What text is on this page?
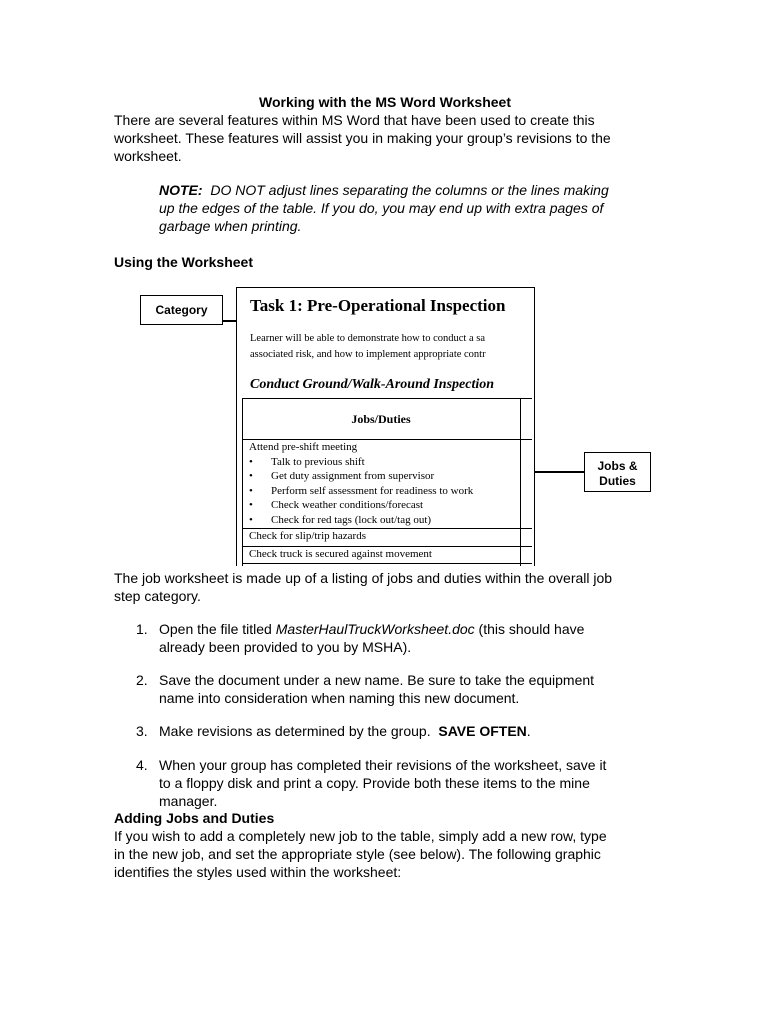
Working with the MS Word Worksheet
There are several features within MS Word that have been used to create this
worksheet. These features will assist you in making your group’s revisions to the
worksheet.
NOTE:  DO NOT adjust lines separating the columns or the lines making
up the edges of the table. If you do, you may end up with extra pages of
garbage when printing.
Using the Worksheet
Category
Jobs &
Duties
Task 1: Pre-Operational Inspection
Learner will be able to demonstrate how to conduct a sa
associated risk, and how to implement appropriate contr
Conduct Ground/Walk-Around Inspection
Jobs/Duties
Attend pre-shift meeting
• Talk to previous shift
• Get duty assignment from supervisor
• Perform self assessment for readiness to work
• Check weather conditions/forecast
• Check for red tags (lock out/tag out)
Check for slip/trip hazards
Check truck is secured against movement
The job worksheet is made up of a listing of jobs and duties within the overall job
step category.
1. Open the file titled MasterHaulTruckWorksheet.doc (this should have
already been provided to you by MSHA).
2. Save the document under a new name. Be sure to take the equipment
name into consideration when naming this new document.
3. Make revisions as determined by the group.  SAVE OFTEN.
4. When your group has completed their revisions of the worksheet, save it
to a floppy disk and print a copy. Provide both these items to the mine
manager.
Adding Jobs and Duties
If you wish to add a completely new job to the table, simply add a new row, type
in the new job, and set the appropriate style (see below). The following graphic
identifies the styles used within the worksheet:
